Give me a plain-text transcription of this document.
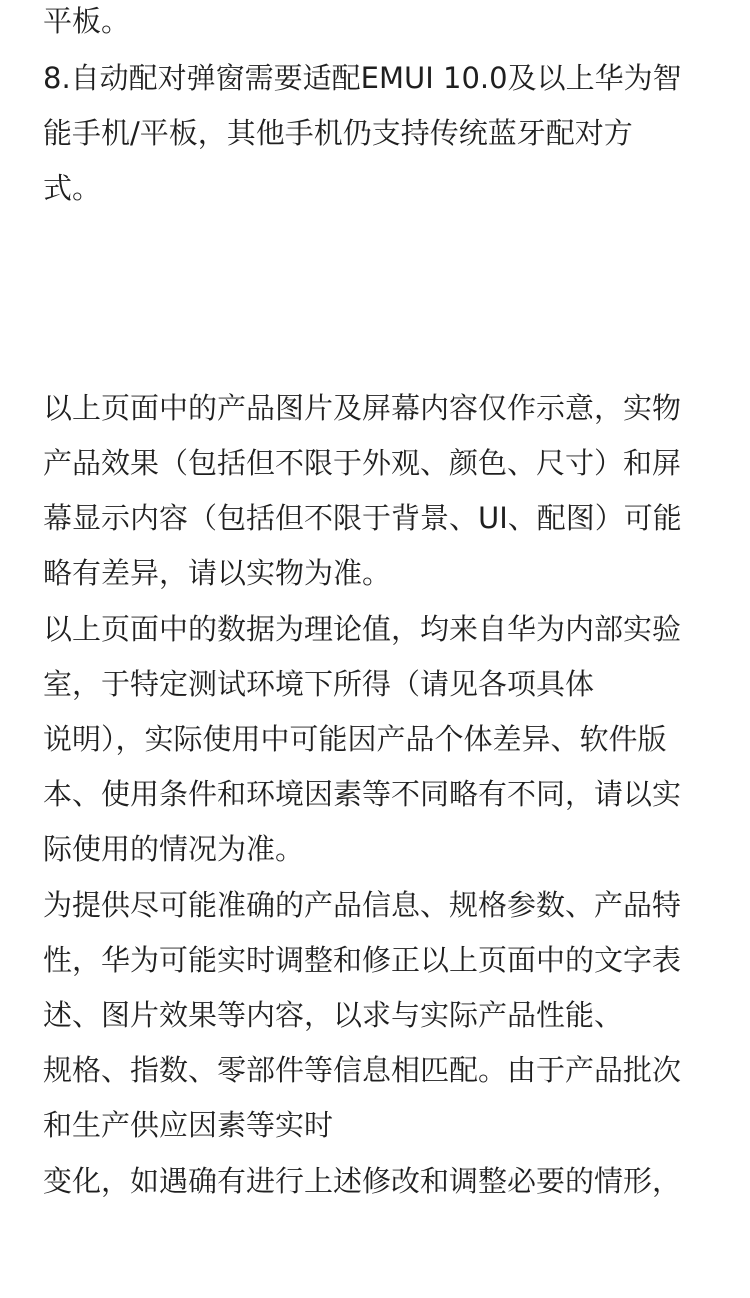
平板。

8.自动配对弹窗需要适配EMUI 10.0及以上华为智

能手机/平板，其他手机仍支持传统蓝牙配对方

式。

以上页面中的产品图片及屏幕内容仅作示意，实物

产品效果（包括但不限于外观、颜色、尺寸）和屏

幕显示内容（包括但不限于背景、UI、配图）可能

略有差异，请以实物为准。

以上页面中的数据为理论值，均来自华为内部实验

室，于特定测试环境下所得（请见各项具体

说明），实际使用中可能因产品个体差异、软件版

本、使用条件和环境因素等不同略有不同，请以实

际使用的情况为准。

为提供尽可能准确的产品信息、规格参数、产品特

性，华为可能实时调整和修正以上页面中的文字表

述、图片效果等内容，以求与实际产品性能、

规格、指数、零部件等信息相匹配。由于产品批次

和生产供应因素等实时

变化，如遇确有进行上述修改和调整必要的情形，
